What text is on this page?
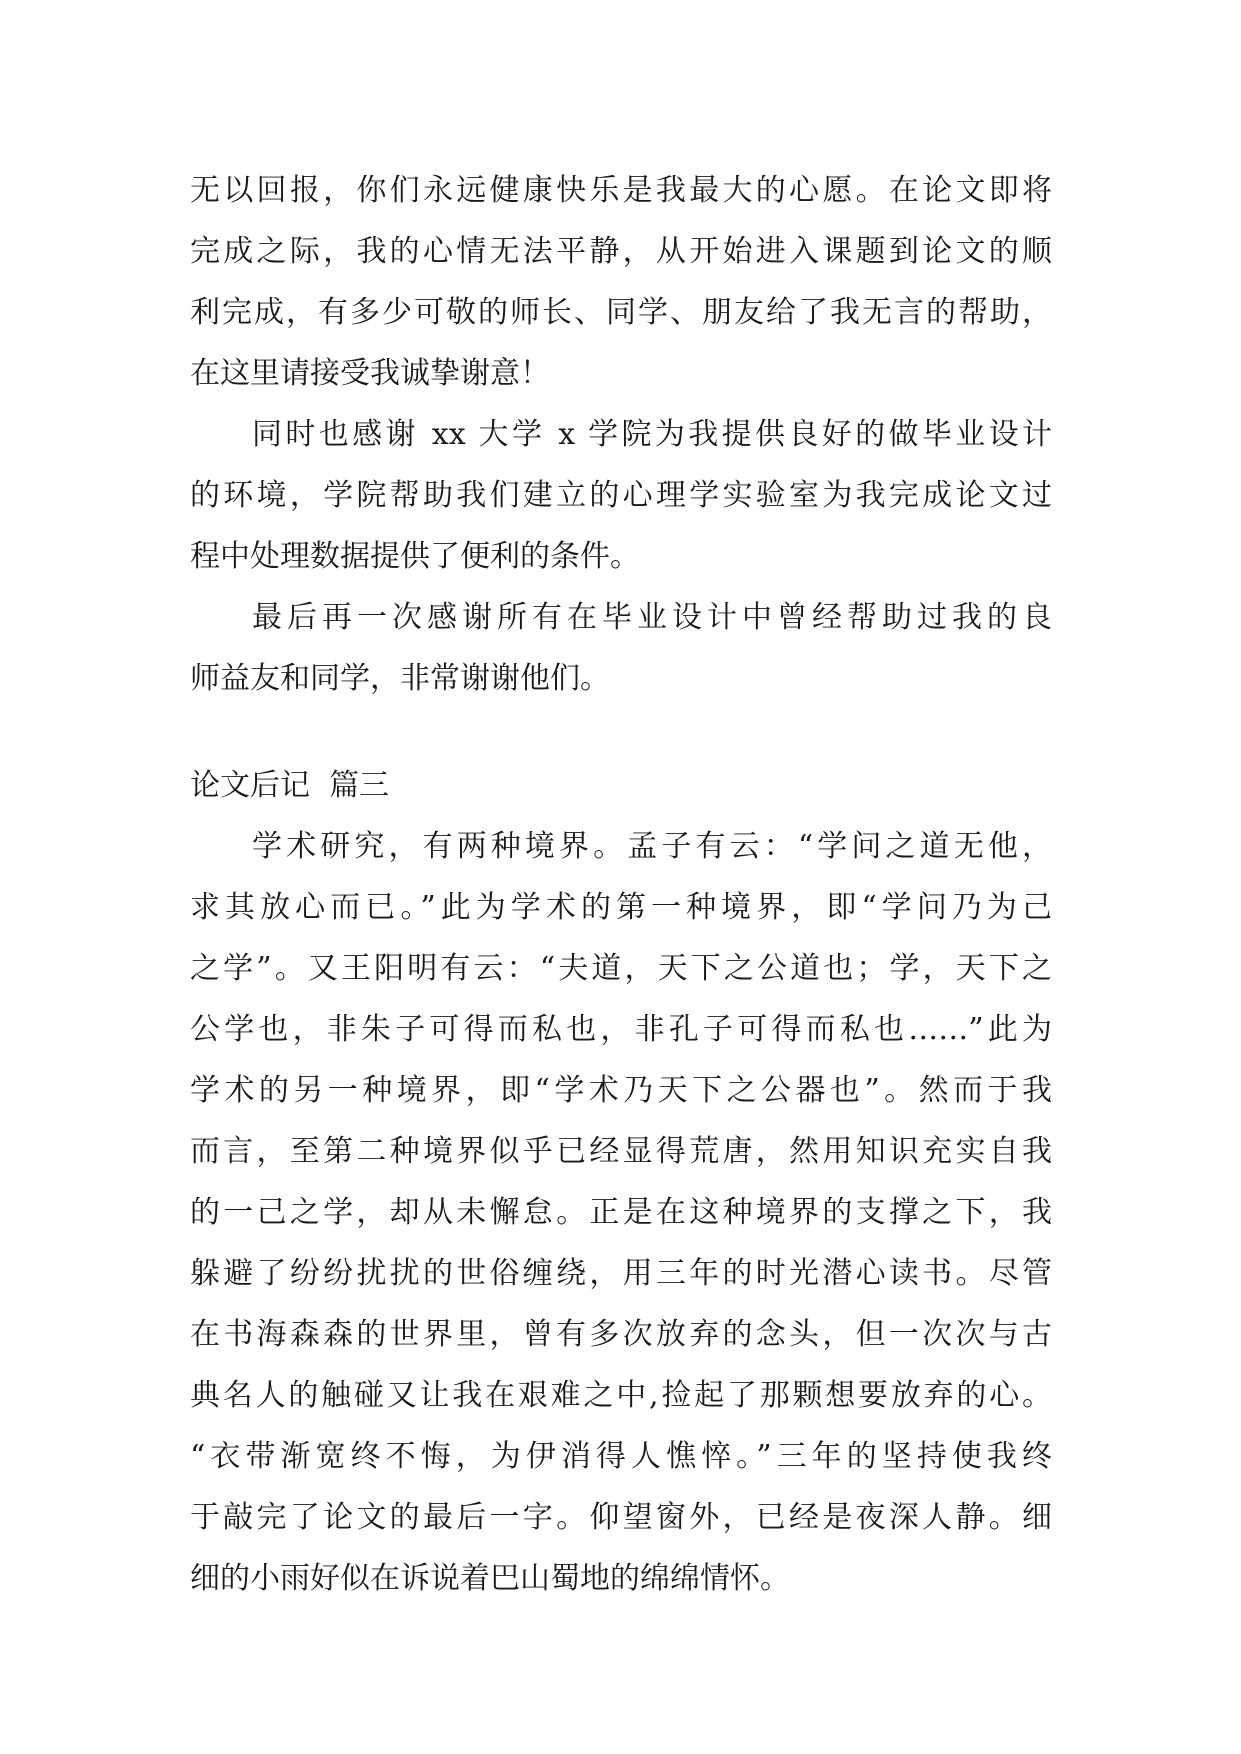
无以回报，你们永远健康快乐是我最大的心愿。在论文即将
完成之际，我的心情无法平静，从开始进入课题到论文的顺
利完成，有多少可敬的师长、同学、朋友给了我无言的帮助，
在这里请接受我诚挚谢意！
同时也感谢 xx 大学 x 学院为我提供良好的做毕业设计
的环境，学院帮助我们建立的心理学实验室为我完成论文过
程中处理数据提供了便利的条件。
最后再一次感谢所有在毕业设计中曾经帮助过我的良
师益友和同学，非常谢谢他们。
论文后记  篇三
学术研究，有两种境界。孟子有云：“学问之道无他，
求其放心而已。”此为学术的第一种境界，即“学问乃为己
之学”。又王阳明有云：“夫道，天下之公道也；学，天下之
公学也，非朱子可得而私也，非孔子可得而私也……”此为
学术的另一种境界，即“学术乃天下之公器也”。然而于我
而言，至第二种境界似乎已经显得荒唐，然用知识充实自我
的一己之学，却从未懈怠。正是在这种境界的支撑之下，我
躲避了纷纷扰扰的世俗缠绕，用三年的时光潜心读书。尽管
在书海森森的世界里，曾有多次放弃的念头，但一次次与古
典名人的触碰又让我在艰难之中,捡起了那颗想要放弃的心。
“衣带渐宽终不悔，为伊消得人憔悴。”三年的坚持使我终
于敲完了论文的最后一字。仰望窗外，已经是夜深人静。细
细的小雨好似在诉说着巴山蜀地的绵绵情怀。
